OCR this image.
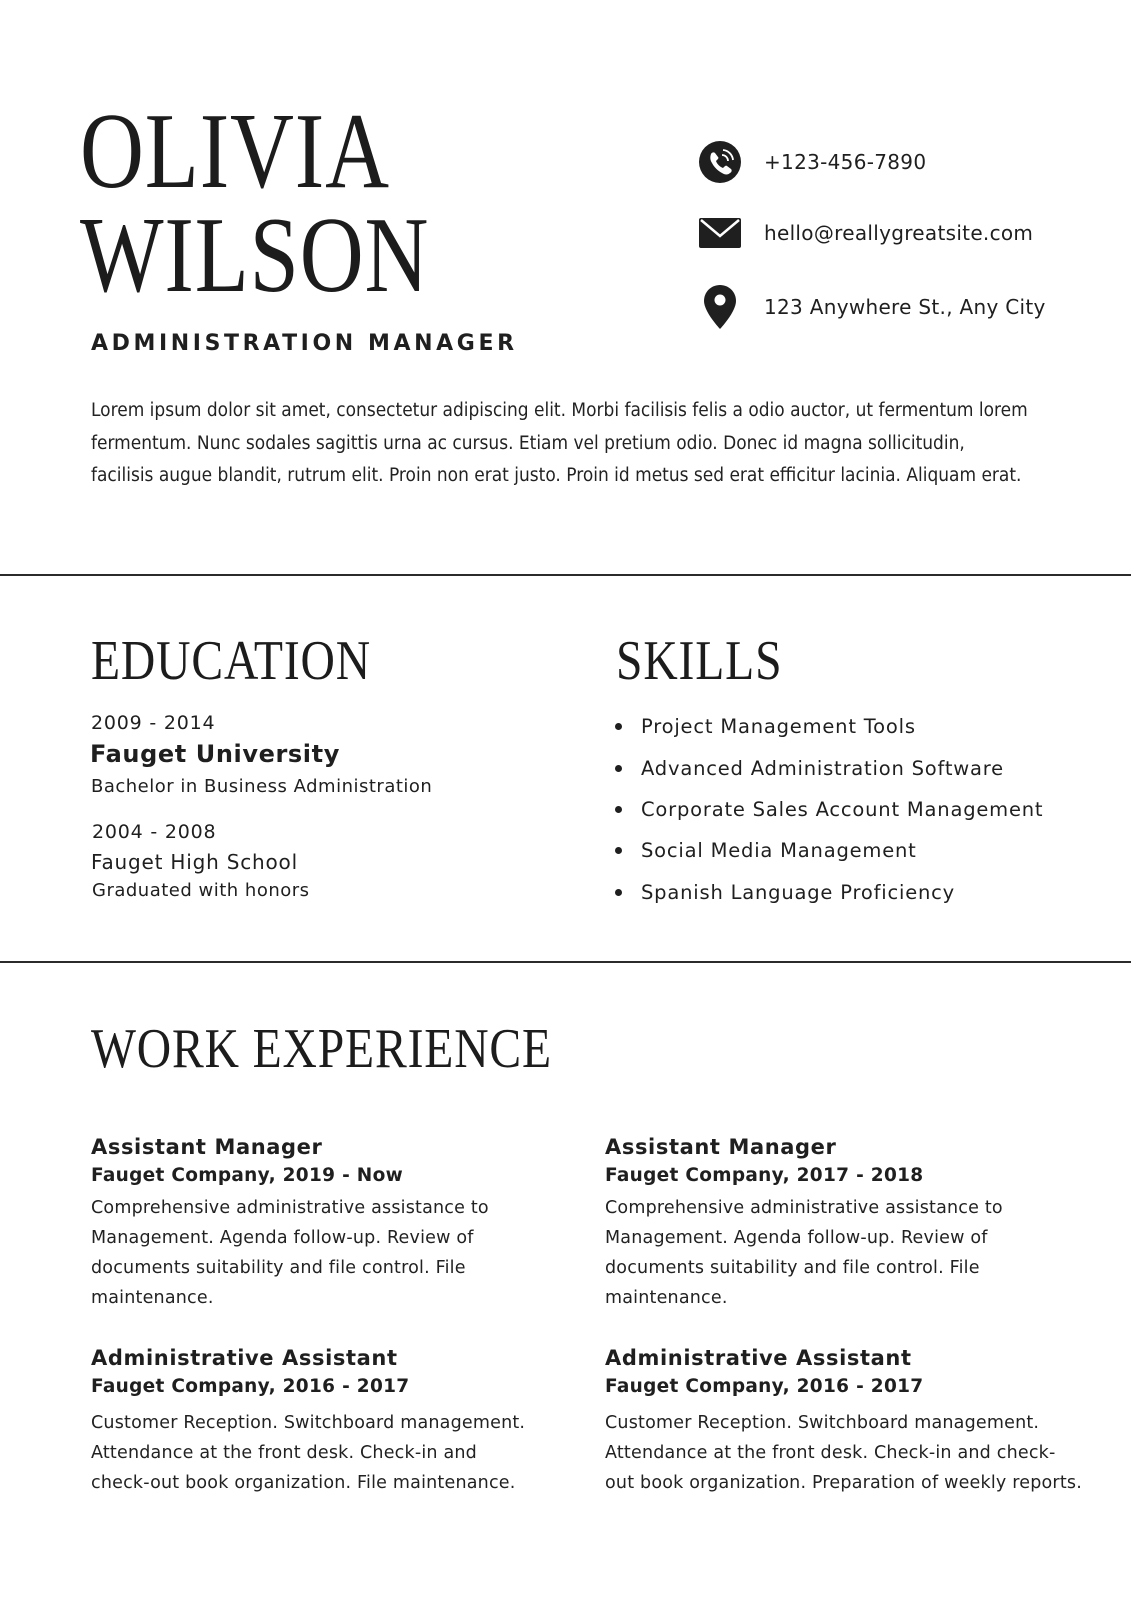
OLIVIA
WILSON
ADMINISTRATION MANAGER
+123-456-7890
hello@reallygreatsite.com
123 Anywhere St., Any City
Lorem ipsum dolor sit amet, consectetur adipiscing elit. Morbi facilisis felis a odio auctor, ut fermentum lorem fermentum. Nunc sodales sagittis urna ac cursus. Etiam vel pretium odio. Donec id magna sollicitudin, facilisis augue blandit, rutrum elit. Proin non erat justo. Proin id metus sed erat efficitur lacinia. Aliquam erat.
EDUCATION
2009 - 2014
Fauget University
Bachelor in Business Administration
2004 - 2008
Fauget High School
Graduated with honors
SKILLS
Project Management Tools
Advanced Administration Software
Corporate Sales Account Management
Social Media Management
Spanish Language Proficiency
WORK EXPERIENCE
Assistant Manager
Fauget Company, 2019 - Now
Comprehensive administrative assistance to Management. Agenda follow-up. Review of documents suitability and file control. File maintenance.
Assistant Manager
Fauget Company, 2017 - 2018
Comprehensive administrative assistance to Management. Agenda follow-up. Review of documents suitability and file control. File maintenance.
Administrative Assistant
Fauget Company, 2016 - 2017
Customer Reception. Switchboard management. Attendance at the front desk. Check-in and check-out book organization. File maintenance.
Administrative Assistant
Fauget Company, 2016 - 2017
Customer Reception. Switchboard management. Attendance at the front desk. Check-in and check-out book organization. Preparation of weekly reports.
